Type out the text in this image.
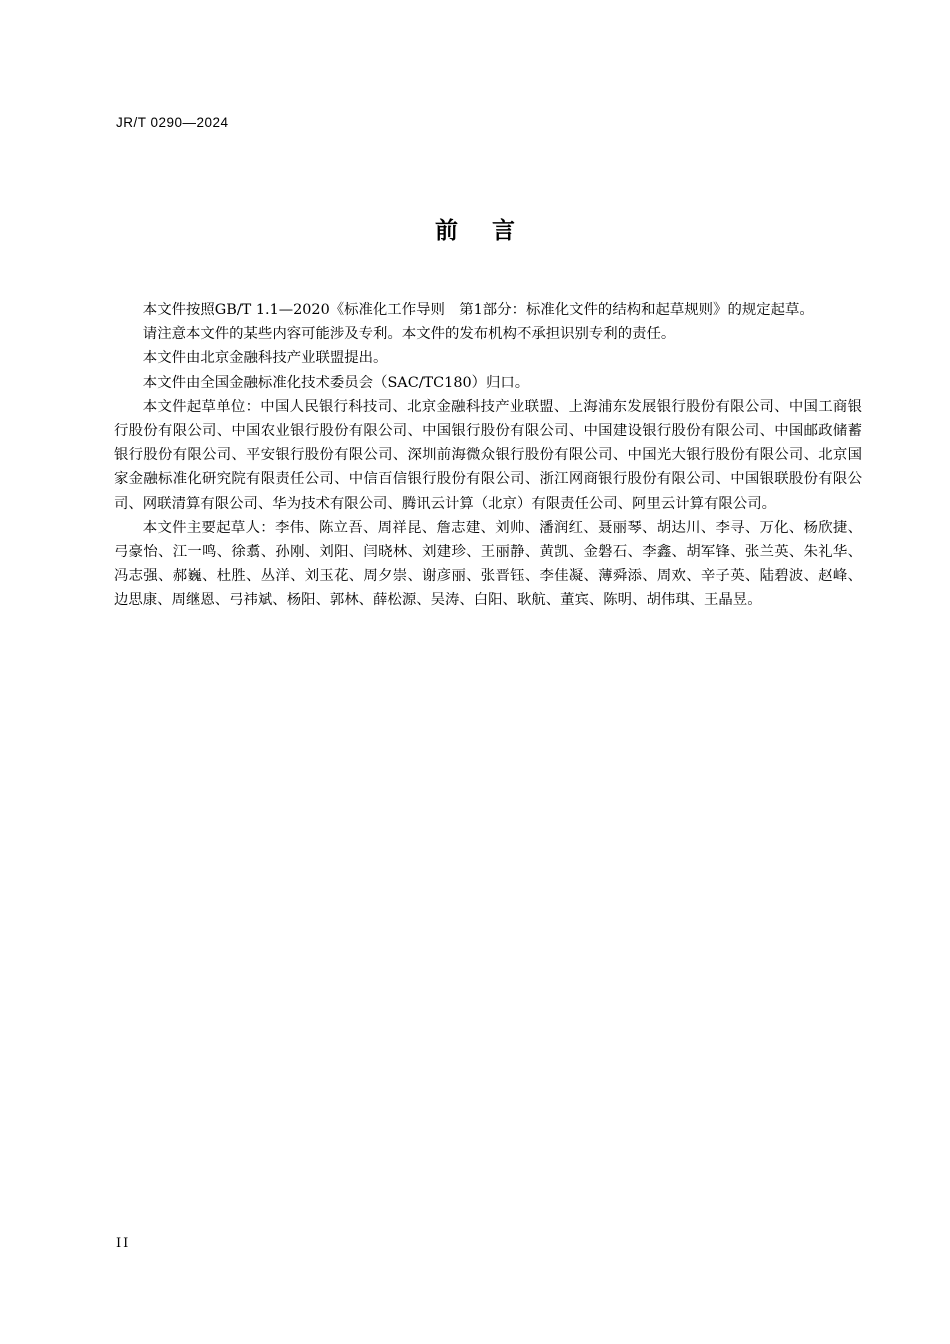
JR/T 0290—2024
前言

本文件按照GB/T 1.1—2020《标准化工作导则　第1部分：标准化文件的结构和起草规则》的规定起草。

请注意本文件的某些内容可能涉及专利。本文件的发布机构不承担识别专利的责任。

本文件由北京金融科技产业联盟提出。

本文件由全国金融标准化技术委员会（SAC/TC180）归口。

本文件起草单位：中国人民银行科技司、北京金融科技产业联盟、上海浦东发展银行股份有限公司、中国工商银行股份有限公司、中国农业银行股份有限公司、中国银行股份有限公司、中国建设银行股份有限公司、中国邮政储蓄银行股份有限公司、平安银行股份有限公司、深圳前海微众银行股份有限公司、中国光大银行股份有限公司、北京国家金融标准化研究院有限责任公司、中信百信银行股份有限公司、浙江网商银行股份有限公司、中国银联股份有限公司、网联清算有限公司、华为技术有限公司、腾讯云计算（北京）有限责任公司、阿里云计算有限公司。

本文件主要起草人：李伟、陈立吾、周祥昆、詹志建、刘帅、潘润红、聂丽琴、胡达川、李寻、万化、杨欣捷、弓豪怡、江一鸣、徐翥、孙刚、刘阳、闫晓林、刘建珍、王丽静、黄凯、金磐石、李鑫、胡军锋、张兰英、朱礼华、冯志强、郝巍、杜胜、丛洋、刘玉花、周夕崇、谢彦丽、张晋钰、李佳凝、薄舜添、周欢、辛子英、陆碧波、赵峰、边思康、周继恩、弓祎斌、杨阳、郭林、薛松源、吴涛、白阳、耿航、董宾、陈明、胡伟琪、王晶昱。

II
